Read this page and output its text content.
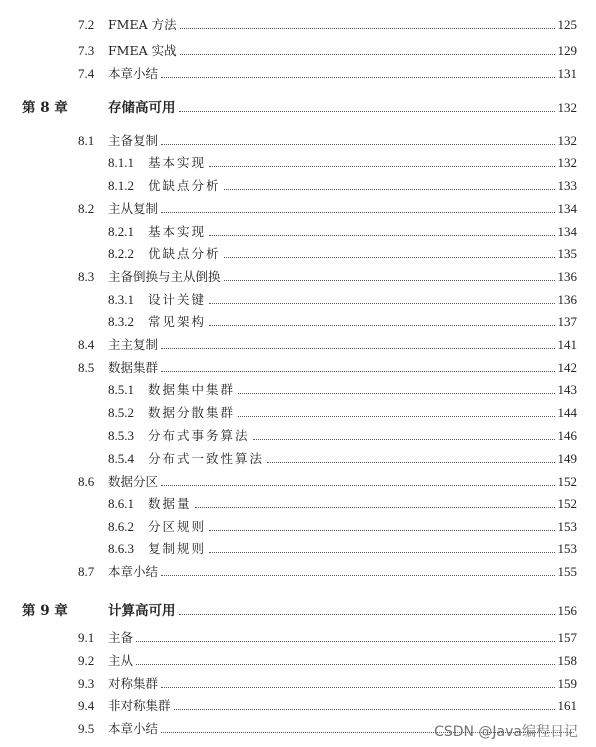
7.2	FMEA 方法	125
7.3	FMEA 实战	129
7.4	本章小结	131
第 8 章	存储高可用	132
8.1	主备复制	132
8.1.1	基本实现	132
8.1.2	优缺点分析	133
8.2	主从复制	134
8.2.1	基本实现	134
8.2.2	优缺点分析	135
8.3	主备倒换与主从倒换	136
8.3.1	设计关键	136
8.3.2	常见架构	137
8.4	主主复制	141
8.5	数据集群	142
8.5.1	数据集中集群	143
8.5.2	数据分散集群	144
8.5.3	分布式事务算法	146
8.5.4	分布式一致性算法	149
8.6	数据分区	152
8.6.1	数据量	152
8.6.2	分区规则	153
8.6.3	复制规则	153
8.7	本章小结	155
第 9 章	计算高可用	156
9.1	主备	157
9.2	主从	158
9.3	对称集群	159
9.4	非对称集群	161
9.5	本章小结	CSDN @Java编程日记
